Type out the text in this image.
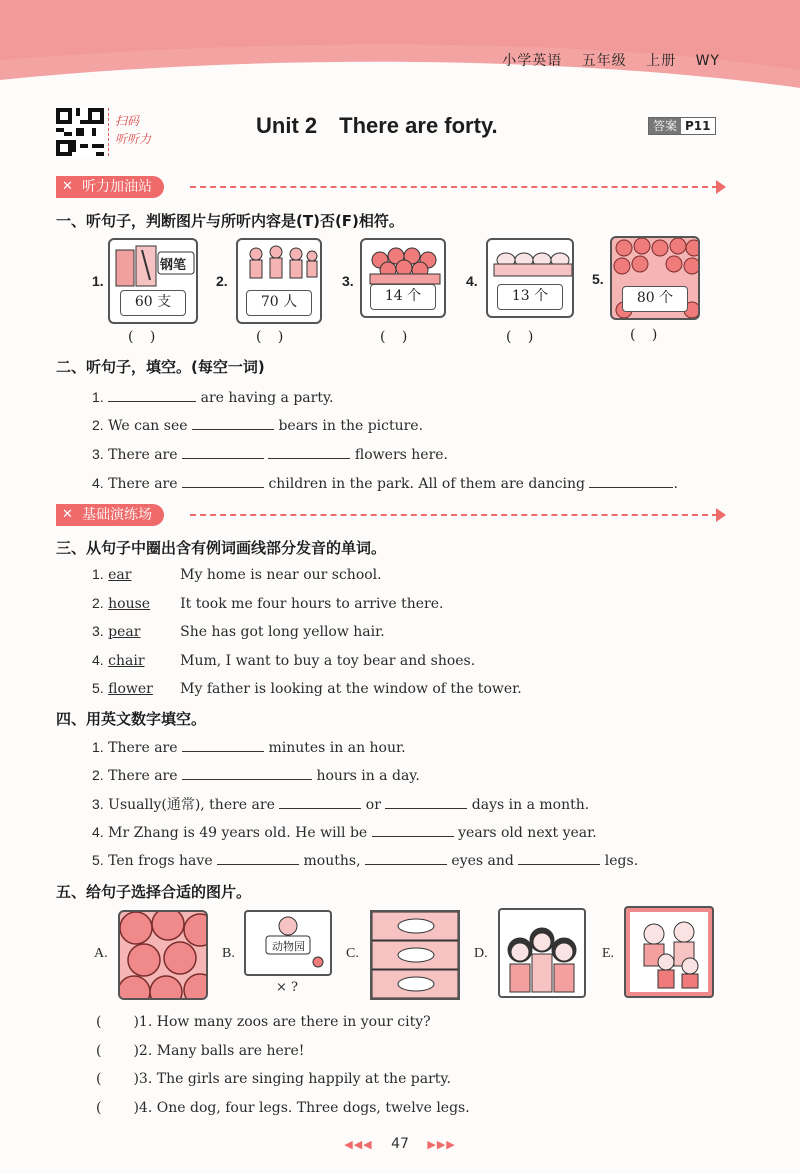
小学英语 五年级 上册 WY
扫码
听听力
Unit 2 There are forty.	答案 P11
✕ 听力加油站
一、听句子，判断图片与所听内容是(T)否(F)相符。
1.
钢笔
60 支
( )
2.
70 人
( )
3.
14 个
( )
4.
13 个
( )
5.
80 个
( )
二、听句子，填空。(每空一词)
1.	are having a party.
2. We can see	bears in the picture.
3. There are	flowers here.
4. There are	children in the park. All of them are dancing	.
✕ 基础演练场
三、从句子中圈出含有例词画线部分发音的单词。
1. ear	My home is near our school.
2. house It took me four hours to arrive there.
3. pear	She has got long yellow hair.
4. chair	Mum, I want to buy a toy bear and shoes.
5. flower My father is looking at the window of the tower.
四、用英文数字填空。
1. There are	minutes in an hour.
2. There are	hours in a day.
3. Usually(通常), there are	or	days in a month.
4. Mr Zhang is 49 years old. He will be	years old next year.
5. Ten frogs have	mouths,	eyes and	legs.
五、给句子选择合适的图片。
A.	B.	动物园
× ?
C.	D.	E.
( )1. How many zoos are there in your city?
( )2. Many balls are here!
( )3. The girls are singing happily at the party.
( )4. One dog, four legs. Three dogs, twelve legs.
◀◀◀ 47 ▶▶▶
